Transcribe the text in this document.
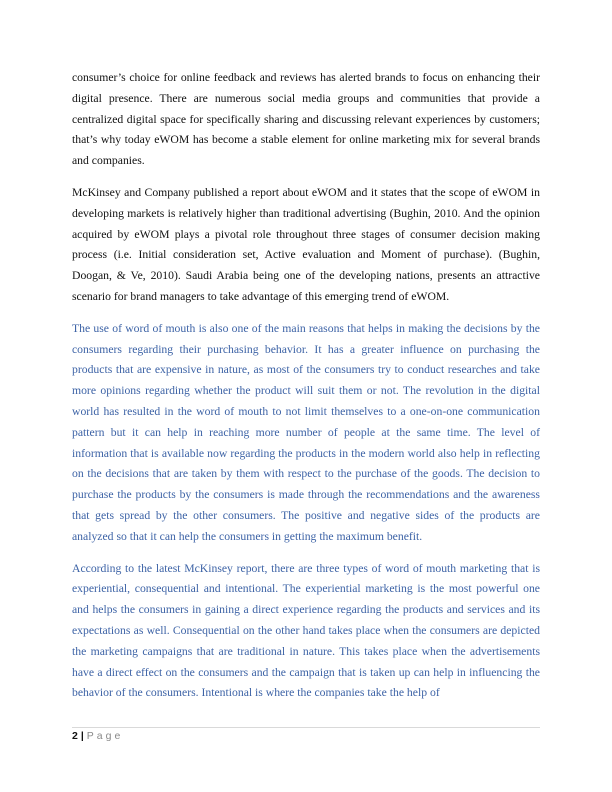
consumer’s choice for online feedback and reviews has alerted brands to focus on enhancing their digital presence. There are numerous social media groups and communities that provide a centralized digital space for specifically sharing and discussing relevant experiences by customers; that’s why today eWOM has become a stable element for online marketing mix for several brands and companies.

McKinsey and Company published a report about eWOM and it states that the scope of eWOM in developing markets is relatively higher than traditional advertising (Bughin, 2010. And the opinion acquired by eWOM plays a pivotal role throughout three stages of consumer decision making process (i.e. Initial consideration set, Active evaluation and Moment of purchase). (Bughin, Doogan, & Ve, 2010). Saudi Arabia being one of the developing nations, presents an attractive scenario for brand managers to take advantage of this emerging trend of eWOM.

The use of word of mouth is also one of the main reasons that helps in making the decisions by the consumers regarding their purchasing behavior. It has a greater influence on purchasing the products that are expensive in nature, as most of the consumers try to conduct researches and take more opinions regarding whether the product will suit them or not. The revolution in the digital world has resulted in the word of mouth to not limit themselves to a one-on-one communication pattern but it can help in reaching more number of people at the same time. The level of information that is available now regarding the products in the modern world also help in reflecting on the decisions that are taken by them with respect to the purchase of the goods. The decision to purchase the products by the consumers is made through the recommendations and the awareness that gets spread by the other consumers. The positive and negative sides of the products are analyzed so that it can help the consumers in getting the maximum benefit.

According to the latest McKinsey report, there are three types of word of mouth marketing that is experiential, consequential and intentional. The experiential marketing is the most powerful one and helps the consumers in gaining a direct experience regarding the products and services and its expectations as well. Consequential on the other hand takes place when the consumers are depicted the marketing campaigns that are traditional in nature. This takes place when the advertisements have a direct effect on the consumers and the campaign that is taken up can help in influencing the behavior of the consumers. Intentional is where the companies take the help of

2 | Page
